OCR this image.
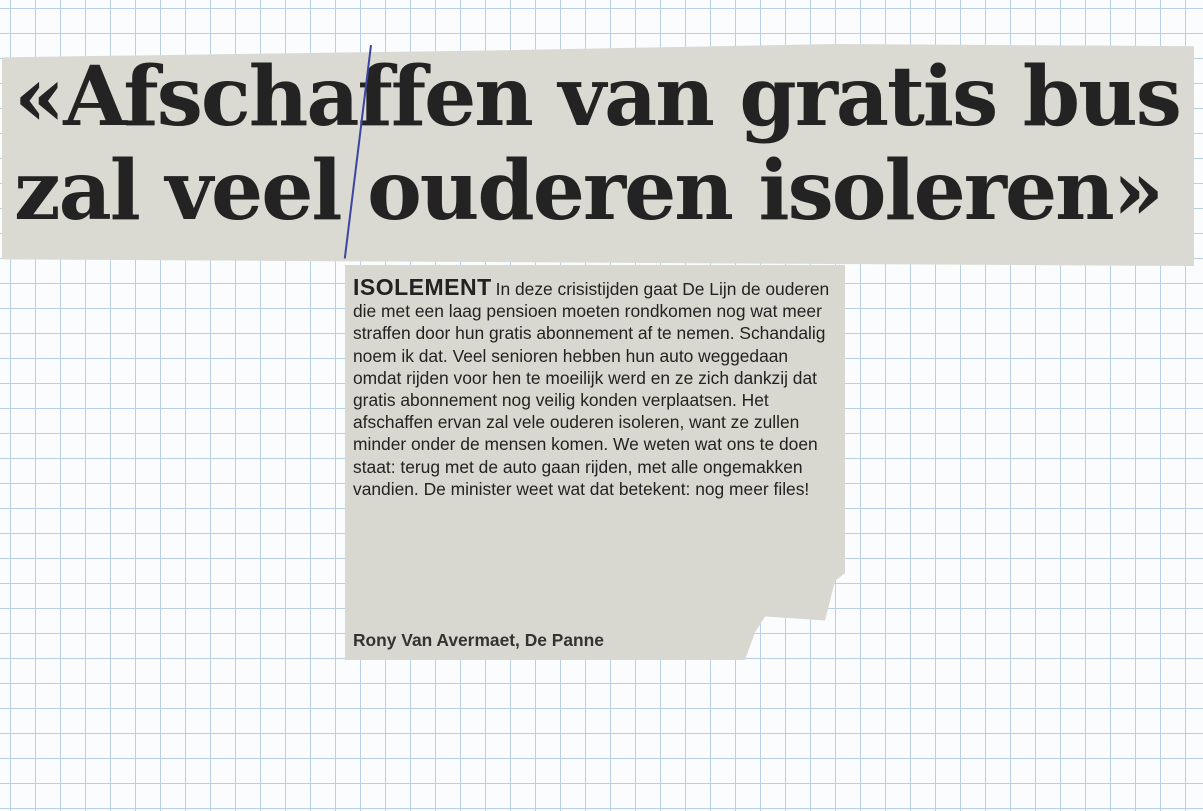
«Afschaffen van gratis bus
zal veel ouderen isoleren»

ISOLEMENT In deze crisistijden gaat De Lijn de ouderen die met een laag pensioen moeten rondkomen nog wat meer straffen door hun gratis abonnement af te nemen. Schandalig noem ik dat. Veel senioren hebben hun auto weggedaan omdat rijden voor hen te moeilijk werd en ze zich dankzij dat gratis abonnement nog veilig konden verplaatsen. Het afschaffen ervan zal vele ouderen isoleren, want ze zullen minder onder de mensen komen. We weten wat ons te doen staat: terug met de auto gaan rijden, met alle ongemakken vandien. De minister weet wat dat betekent: nog meer files!

Rony Van Avermaet, De Panne
